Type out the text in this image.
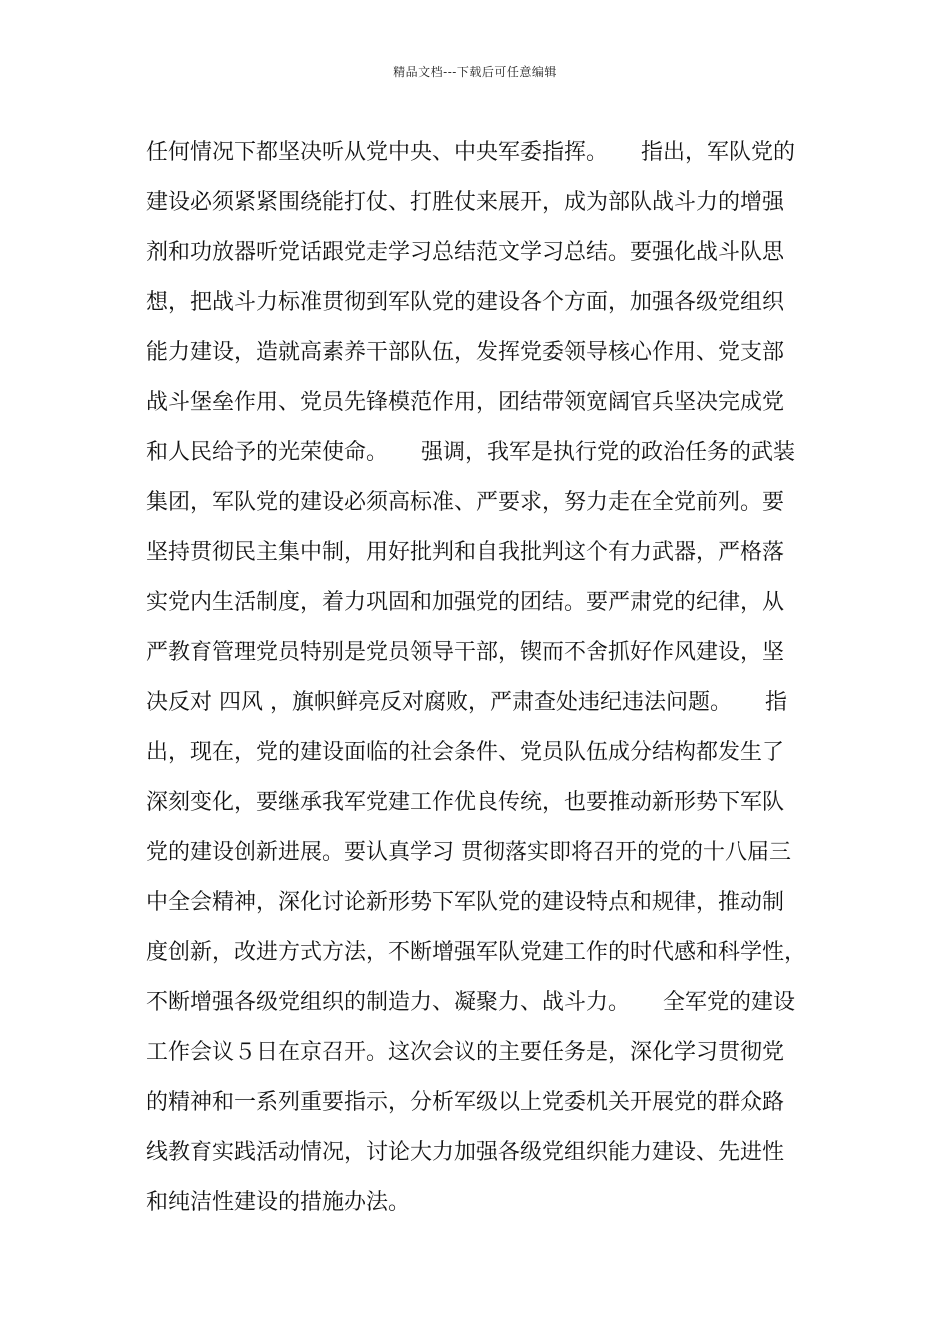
精品文档---下载后可任意编辑
任何情况下都坚决听从党中央、中央军委指挥。　　指出，军队党的
建设必须紧紧围绕能打仗、打胜仗来展开，成为部队战斗力的增强
剂和功放器听党话跟党走学习总结范文学习总结。要强化战斗队思
想，把战斗力标准贯彻到军队党的建设各个方面，加强各级党组织
能力建设，造就高素养干部队伍，发挥党委领导核心作用、党支部
战斗堡垒作用、党员先锋模范作用，团结带领宽阔官兵坚决完成党
和人民给予的光荣使命。　　强调，我军是执行党的政治任务的武装
集团，军队党的建设必须高标准、严要求，努力走在全党前列。要
坚持贯彻民主集中制，用好批判和自我批判这个有力武器，严格落
实党内生活制度，着力巩固和加强党的团结。要严肃党的纪律，从
严教育管理党员特别是党员领导干部，锲而不舍抓好作风建设，坚
决反对 四风 ，旗帜鲜亮反对腐败，严肃查处违纪违法问题。　　指
出，现在，党的建设面临的社会条件、党员队伍成分结构都发生了
深刻变化，要继承我军党建工作优良传统，也要推动新形势下军队
党的建设创新进展。要认真学习 贯彻落实即将召开的党的十八届三
中全会精神，深化讨论新形势下军队党的建设特点和规律，推动制
度创新，改进方式方法，不断增强军队党建工作的时代感和科学性，
不断增强各级党组织的制造力、凝聚力、战斗力。　　全军党的建设
工作会议５日在京召开。这次会议的主要任务是，深化学习贯彻党
的精神和一系列重要指示，分析军级以上党委机关开展党的群众路
线教育实践活动情况，讨论大力加强各级党组织能力建设、先进性
和纯洁性建设的措施办法。
